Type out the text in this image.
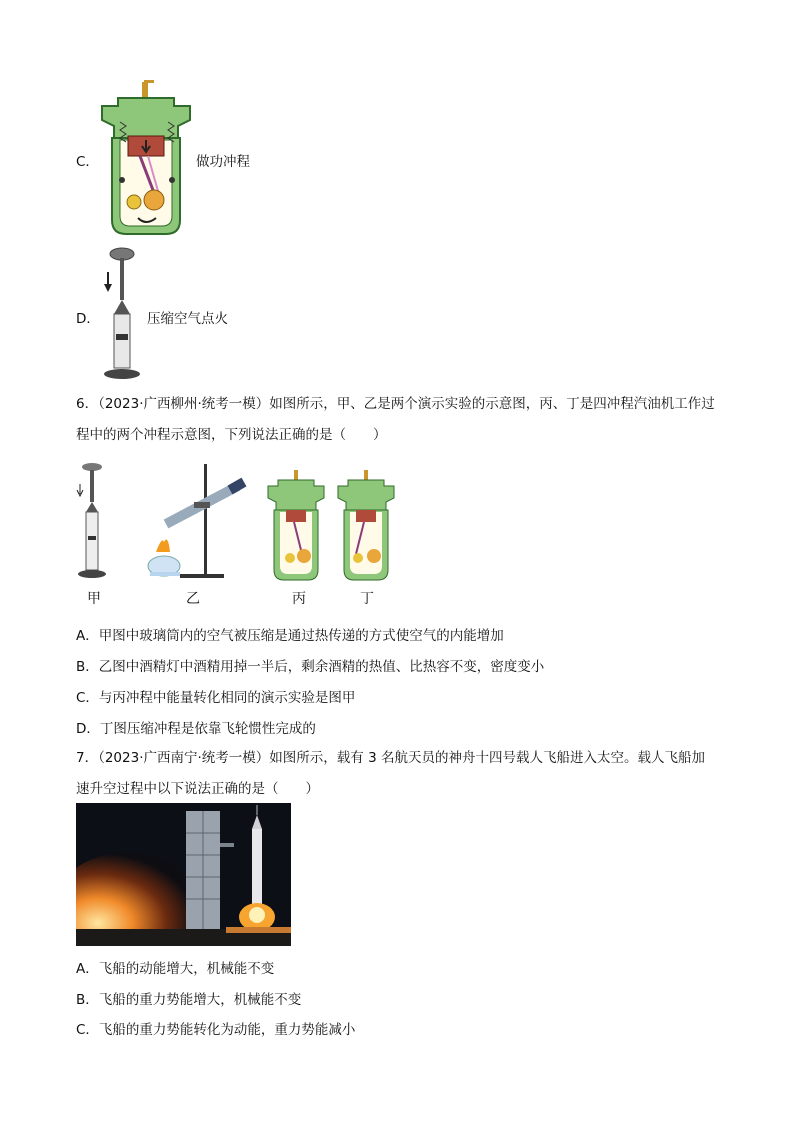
C．	做功冲程
D．	压缩空气点火
6．（2023·广西柳州·统考一模）如图所示，甲、乙是两个演示实验的示意图，丙、丁是四冲程汽油机工作过程中的两个冲程示意图，下列说法正确的是（　　）
甲	乙	丙	丁
A．甲图中玻璃筒内的空气被压缩是通过热传递的方式使空气的内能增加
B．乙图中酒精灯中酒精用掉一半后，剩余酒精的热值、比热容不变，密度变小
C．与丙冲程中能量转化相同的演示实验是图甲
D．丁图压缩冲程是依靠飞轮惯性完成的
7．（2023·广西南宁·统考一模）如图所示，载有 3 名航天员的神舟十四号载人飞船进入太空。载人飞船加速升空过程中以下说法正确的是（　　）
A．飞船的动能增大，机械能不变
B．飞船的重力势能增大，机械能不变
C．飞船的重力势能转化为动能，重力势能减小
